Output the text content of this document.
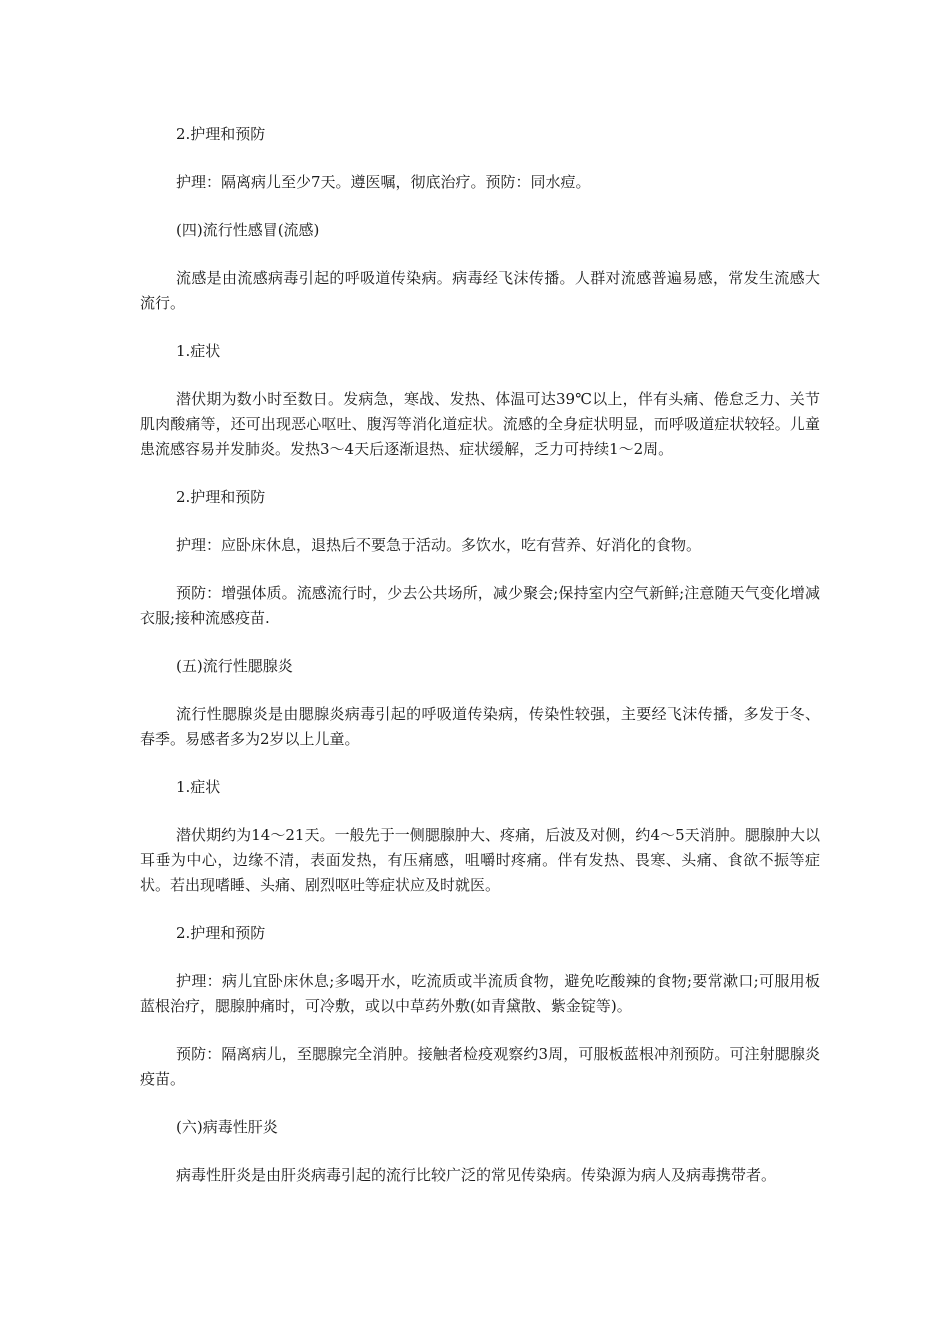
2.护理和预防

护理：隔离病儿至少7天。遵医嘱，彻底治疗。预防：同水痘。

(四)流行性感冒(流感)

流感是由流感病毒引起的呼吸道传染病。病毒经飞沫传播。人群对流感普遍易感，常发生流感大流行。

1.症状

潜伏期为数小时至数日。发病急，寒战、发热、体温可达39℃以上，伴有头痛、倦怠乏力、关节肌肉酸痛等，还可出现恶心呕吐、腹泻等消化道症状。流感的全身症状明显，而呼吸道症状较轻。儿童患流感容易并发肺炎。发热3～4天后逐渐退热、症状缓解，乏力可持续1～2周。

2.护理和预防

护理：应卧床休息，退热后不要急于活动。多饮水，吃有营养、好消化的食物。

预防：增强体质。流感流行时，少去公共场所，减少聚会;保持室内空气新鲜;注意随天气变化增减衣服;接种流感疫苗.

(五)流行性腮腺炎

流行性腮腺炎是由腮腺炎病毒引起的呼吸道传染病，传染性较强，主要经飞沫传播，多发于冬、春季。易感者多为2岁以上儿童。

1.症状

潜伏期约为14～21天。一般先于一侧腮腺肿大、疼痛，后波及对侧，约4～5天消肿。腮腺肿大以耳垂为中心，边缘不清，表面发热，有压痛感，咀嚼时疼痛。伴有发热、畏寒、头痛、食欲不振等症状。若出现嗜睡、头痛、剧烈呕吐等症状应及时就医。

2.护理和预防

护理：病儿宜卧床休息;多喝开水，吃流质或半流质食物，避免吃酸辣的食物;要常漱口;可服用板蓝根治疗，腮腺肿痛时，可冷敷，或以中草药外敷(如青黛散、紫金锭等)。

预防：隔离病儿，至腮腺完全消肿。接触者检疫观察约3周，可服板蓝根冲剂预防。可注射腮腺炎疫苗。

(六)病毒性肝炎

病毒性肝炎是由肝炎病毒引起的流行比较广泛的常见传染病。传染源为病人及病毒携带者。
